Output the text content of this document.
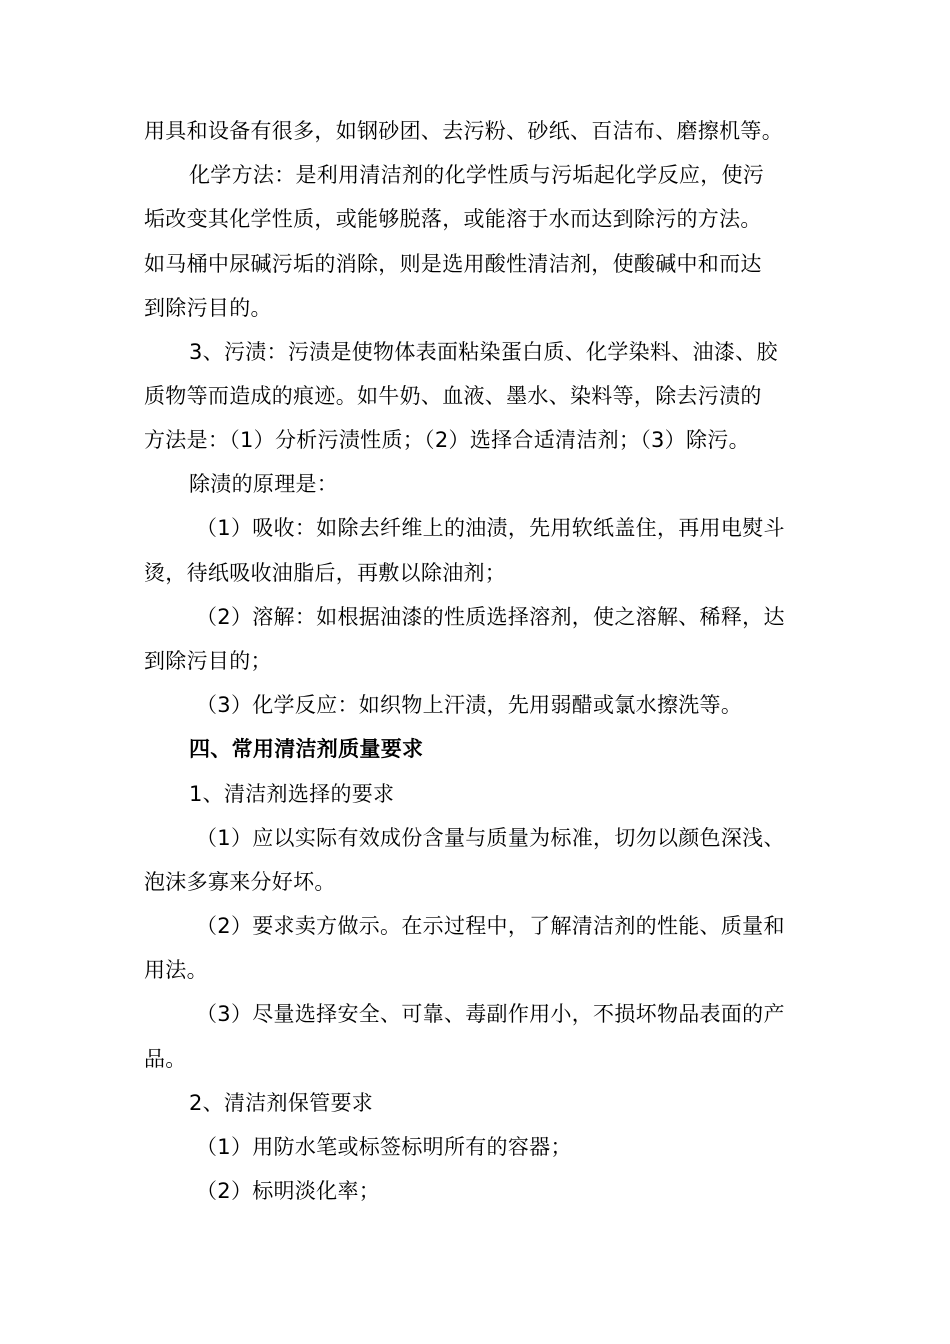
用具和设备有很多，如钢砂团、去污粉、砂纸、百洁布、磨擦机等。
化学方法：是利用清洁剂的化学性质与污垢起化学反应，使污
垢改变其化学性质，或能够脱落，或能溶于水而达到除污的方法。
如马桶中尿碱污垢的消除，则是选用酸性清洁剂，使酸碱中和而达
到除污目的。
3、污渍：污渍是使物体表面粘染蛋白质、化学染料、油漆、胶
质物等而造成的痕迹。如牛奶、血液、墨水、染料等，除去污渍的
方法是：（1）分析污渍性质；（2）选择合适清洁剂；（3）除污。
除渍的原理是：
（1）吸收：如除去纤维上的油渍，先用软纸盖住，再用电熨斗
烫，待纸吸收油脂后，再敷以除油剂；
（2）溶解：如根据油漆的性质选择溶剂，使之溶解、稀释，达
到除污目的；
（3）化学反应：如织物上汗渍，先用弱醋或氯水擦洗等。
四、常用清洁剂质量要求
1、清洁剂选择的要求
（1）应以实际有效成份含量与质量为标准，切勿以颜色深浅、
泡沫多寡来分好坏。
（2）要求卖方做示。在示过程中，了解清洁剂的性能、质量和
用法。
（3）尽量选择安全、可靠、毒副作用小，不损坏物品表面的产
品。
2、清洁剂保管要求
（1）用防水笔或标签标明所有的容器；
（2）标明淡化率；
